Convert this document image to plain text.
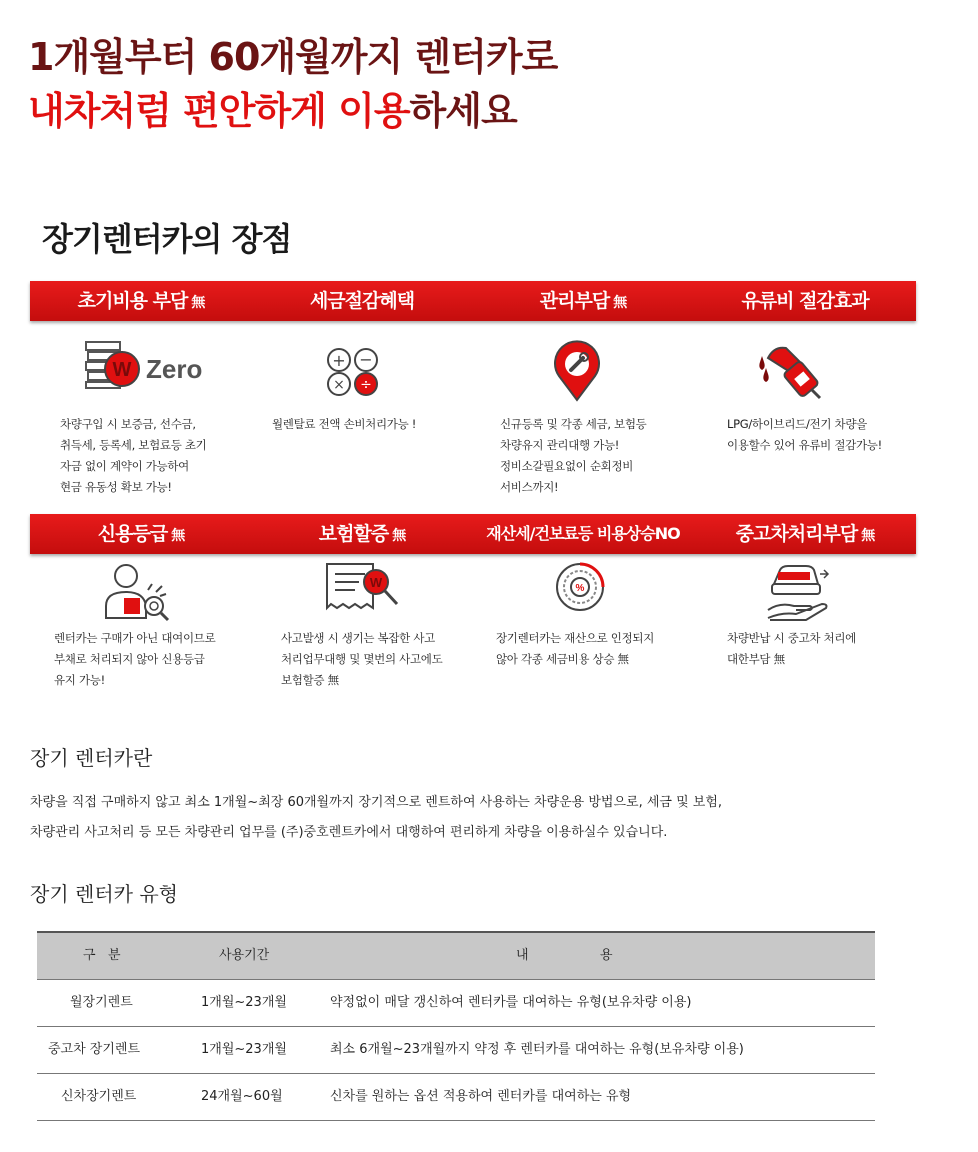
1개월부터 60개월까지 렌터카로
내차처럼 편안하게 이용하세요
장기렌터카의 장점
초기비용 부담 無	세금절감혜택	관리부담 無	유류비 절감효과
W Zero	+ −
× ÷
차량구입 시 보증금, 선수금,
취득세, 등록세, 보험료등 초기
자금 없이 계약이 가능하여
현금 유동성 확보 가능!
월렌탈료 전액 손비처리가능 !	신규등록 및 각종 세금, 보험등
차량유지 관리대행 가능!
정비소갈필요없이 순회정비
서비스까지!
LPG/하이브리드/전기 차량을
이용할수 있어 유류비 절감가능!
신용등급 無	보험할증 無	재산세/건보료등 비용상승NO	중고차처리부담 無
W	%
렌터카는 구매가 아닌 대여이므로
부채로 처리되지 않아 신용등급
유지 가능!
사고발생 시 생기는 복잡한 사고
처리업무대행 및 몇번의 사고에도
보험할증 無
장기렌터카는 재산으로 인정되지
않아 각종 세금비용 상승 無
차량반납 시 중고차 처리에
대한부담 無
장기 렌터카란
차량을 직접 구매하지 않고 최소 1개월~최장 60개월까지 장기적으로 렌트하여 사용하는 차량운용 방법으로, 세금 및 보험,
차량관리 사고처리 등 모든 차량관리 업무를 (주)중호렌트카에서 대행하여 편리하게 차량을 이용하실수 있습니다.
장기 렌터카 유형
구   분	사용기간	내	용
월장기렌트	1개월~23개월	약정없이 매달 갱신하여 렌터카를 대여하는 유형(보유차량 이용)
중고차 장기렌트	1개월~23개월	최소 6개월~23개월까지 약정 후 렌터카를 대여하는 유형(보유차량 이용)
신차장기렌트	24개월~60월	신차를 원하는 옵션 적용하여 렌터카를 대여하는 유형
